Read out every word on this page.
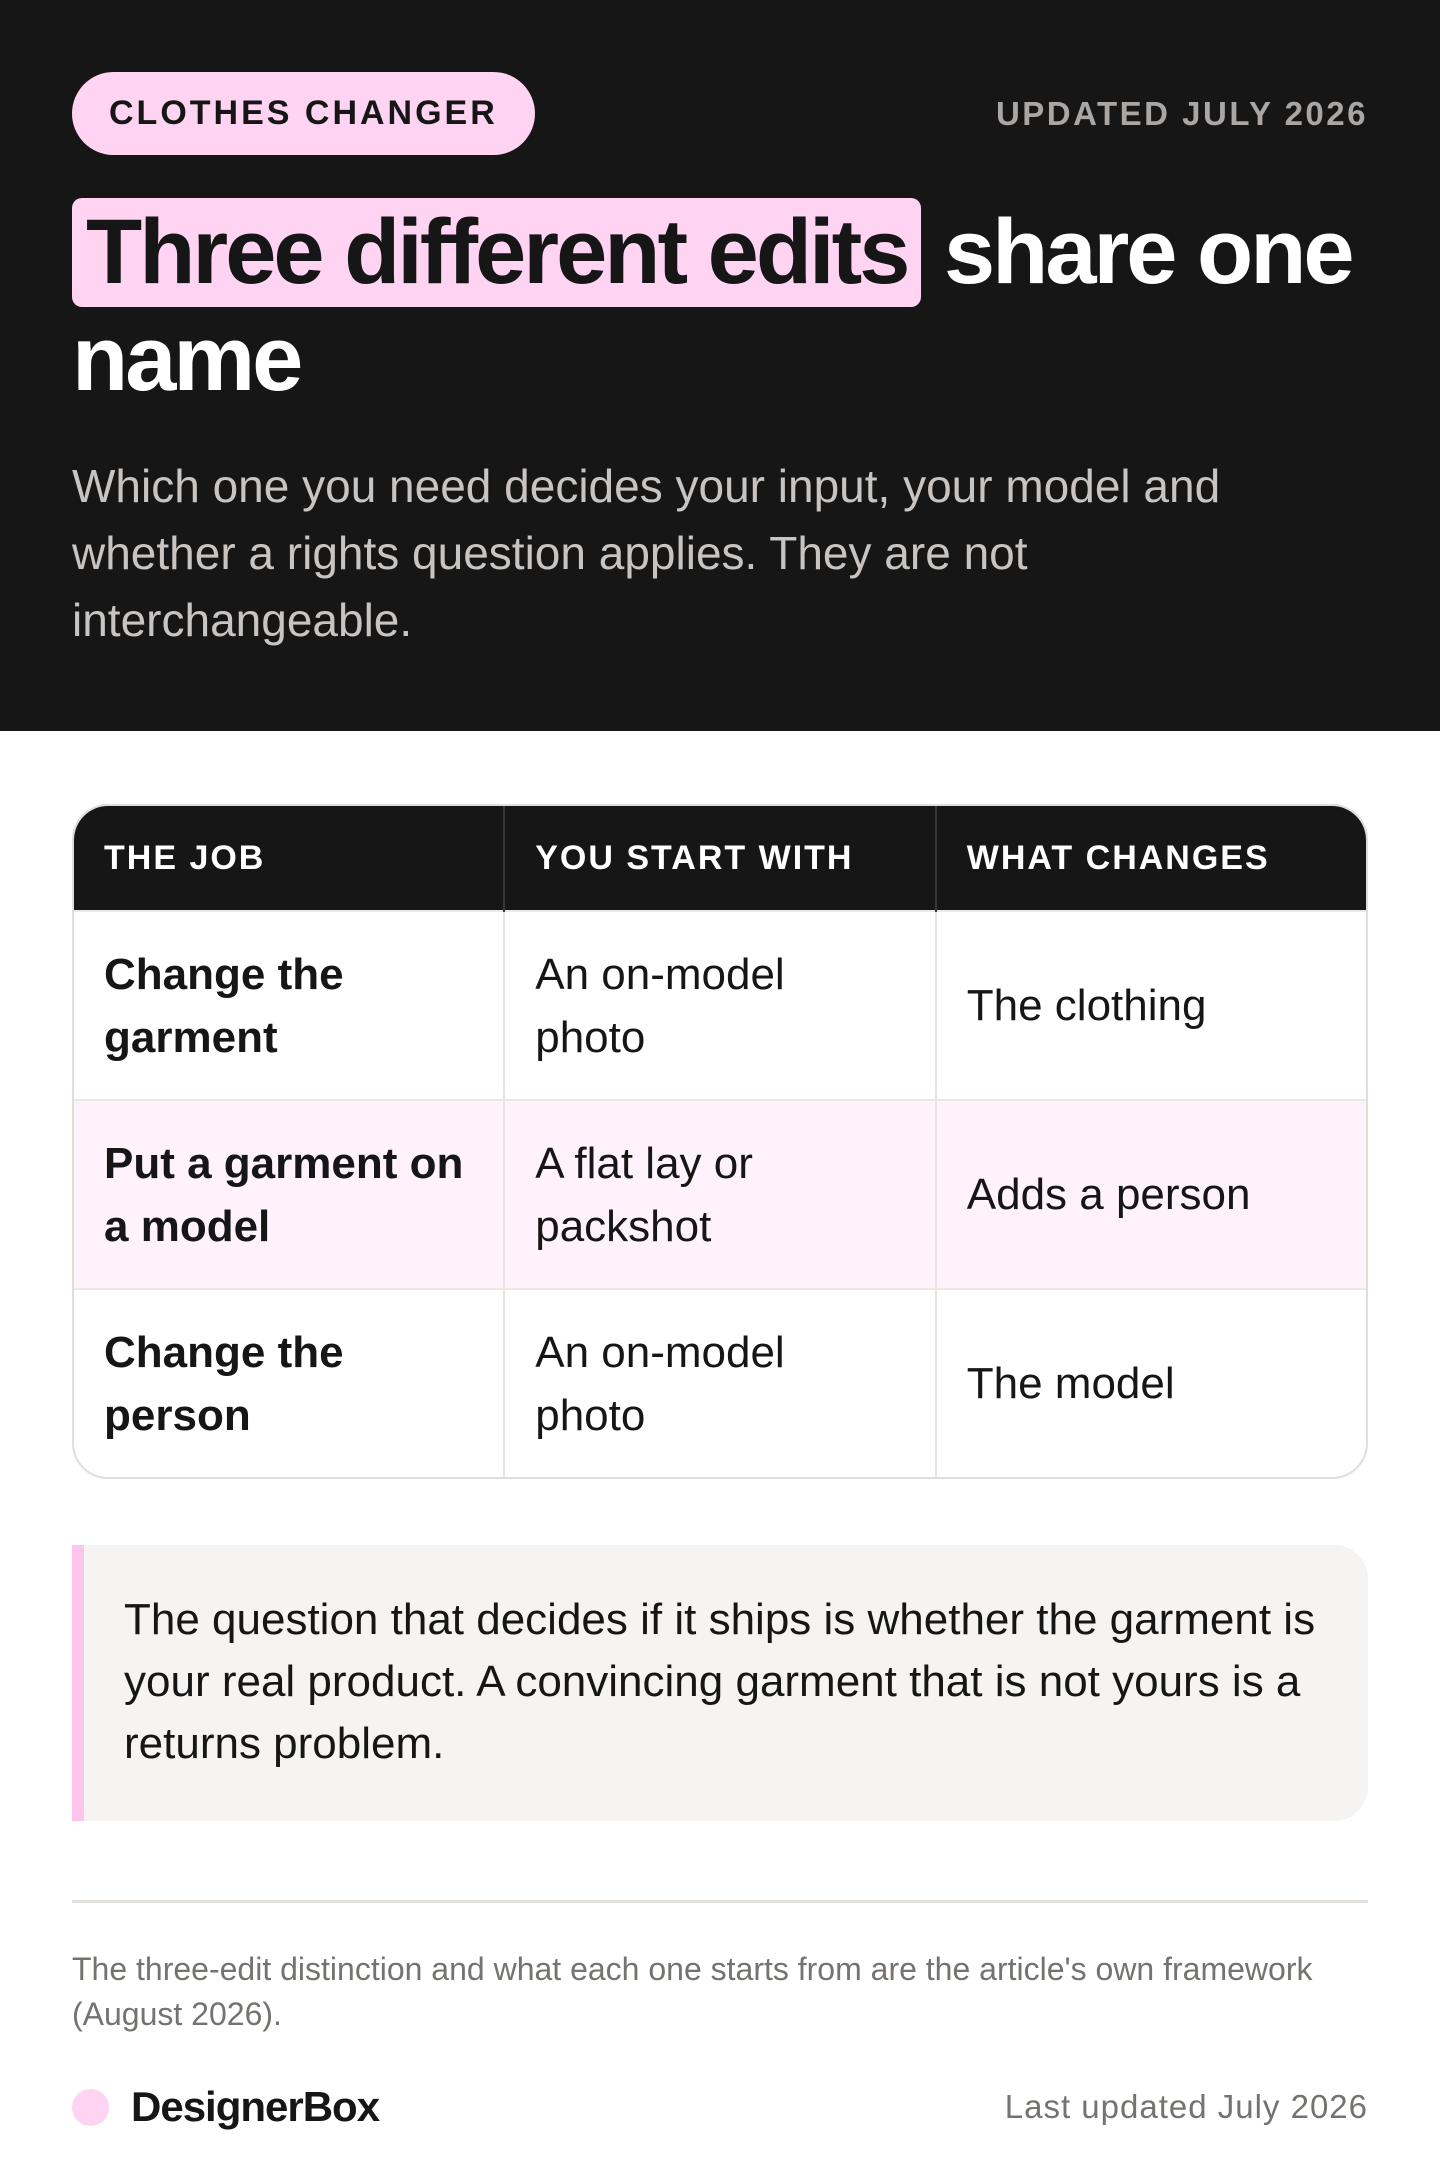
CLOTHES CHANGER	UPDATED JULY 2026
Three different edits share one name
Which one you need decides your input, your model and whether a rights question applies. They are not interchangeable.
THE JOB	YOU START WITH	WHAT CHANGES
Change the garment	An on-model photo	The clothing
Put a garment on a model	A flat lay or packshot	Adds a person
Change the person	An on-model photo	The model
The question that decides if it ships is whether the garment is your real product. A convincing garment that is not yours is a returns problem.
The three-edit distinction and what each one starts from are the article's own framework (August 2026).
DesignerBox	Last updated July 2026
